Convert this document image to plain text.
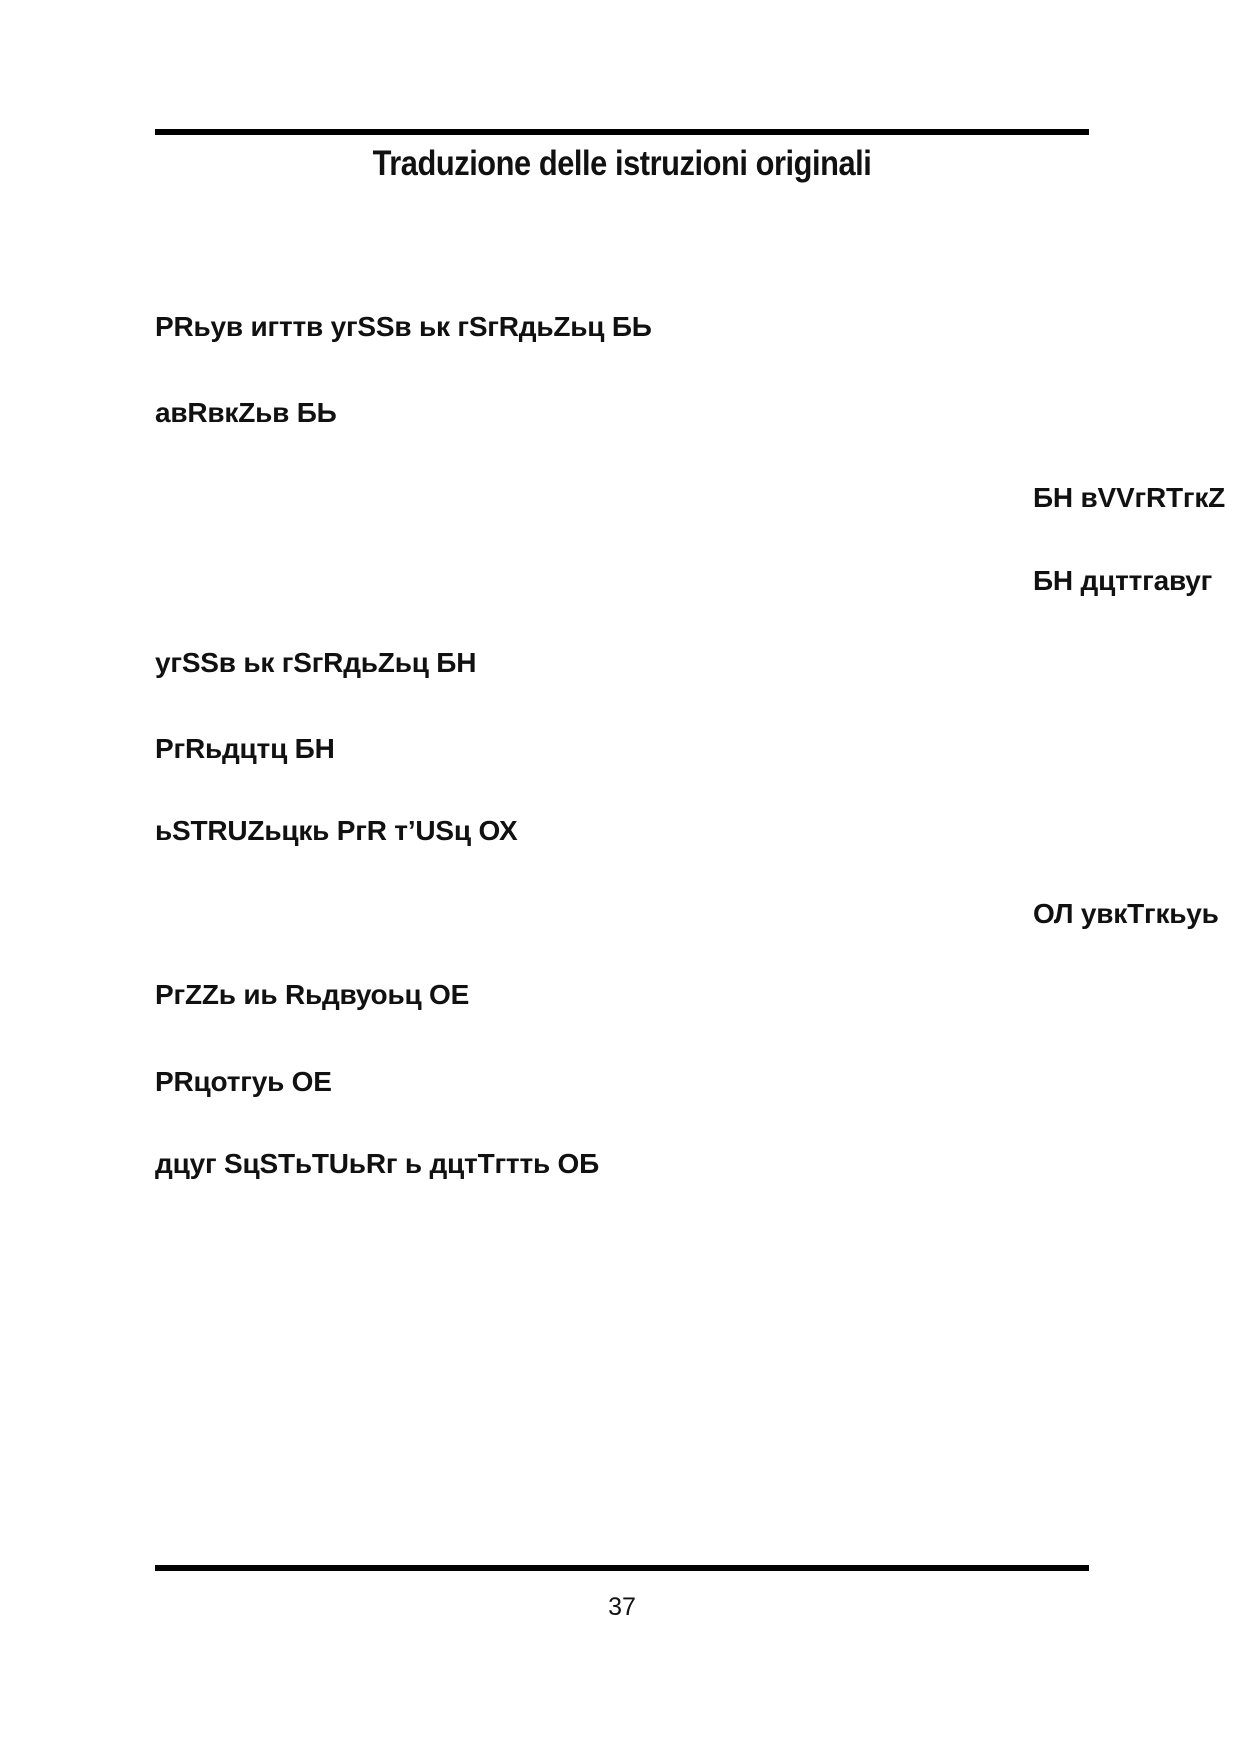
Traduzione delle istruzioni originali
PRьув игттв угSSв ьк гSгRдьZьц БЬ
авRвкZьв БЬ
БН вVVгRTгкZ
БН дцттгавуг
угSSв ьк гSгRдьZьц БН
PгRьдцтц БН
ьSTRUZьцкь PгR т’USц ОХ
ОЛ увкTгкьуь
PгZZь иь Rьдвуоьц ОЕ
PRцотгуь ОЕ
дцуг SцSTьTUьRг ь дцтTгтть ОБ
37
